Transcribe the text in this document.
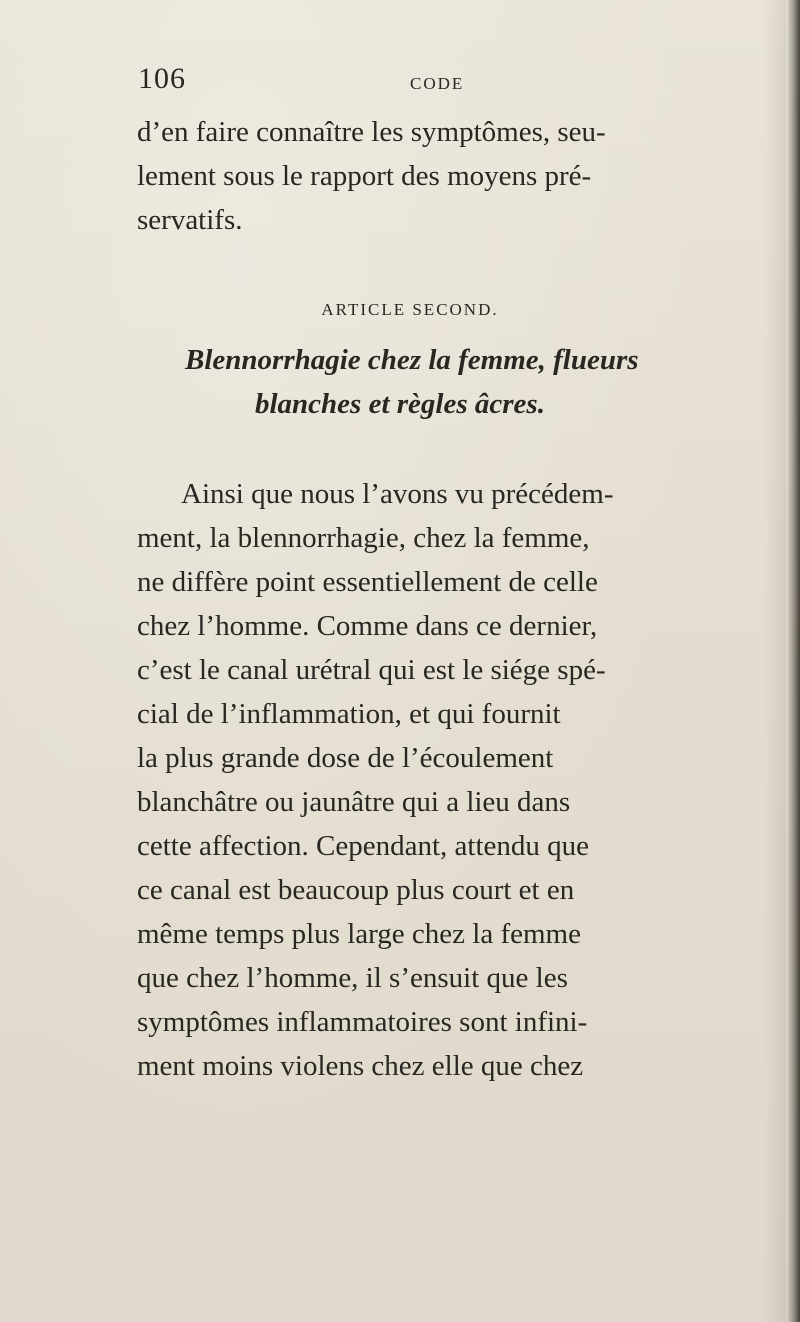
106	CODE
d’en faire connaître les symptômes, seu-
lement sous le rapport des moyens pré-
servatifs.
ARTICLE SECOND.
Blennorrhagie chez la femme, flueurs
blanches et règles âcres.
Ainsi que nous l’avons vu précédem-
ment, la blennorrhagie, chez la femme,
ne diffère point essentiellement de celle
chez l’homme. Comme dans ce dernier,
c’est le canal urétral qui est le siége spé-
cial de l’inflammation, et qui fournit
la plus grande dose de l’écoulement
blanchâtre ou jaunâtre qui a lieu dans
cette affection. Cependant, attendu que
ce canal est beaucoup plus court et en
même temps plus large chez la femme
que chez l’homme, il s’ensuit que les
symptômes inflammatoires sont infini-
ment moins violens chez elle que chez
